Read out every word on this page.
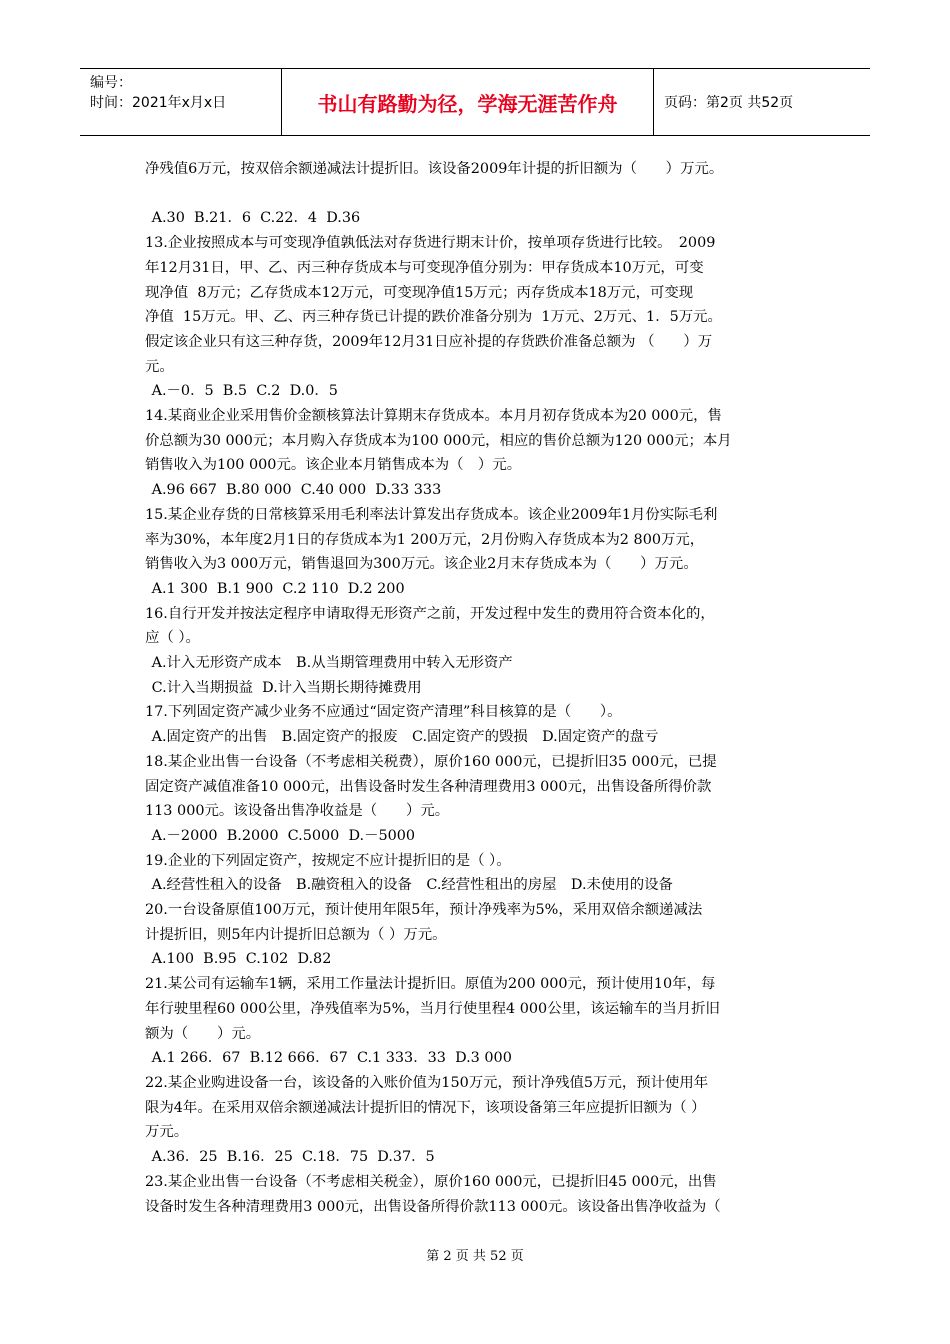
编号：
时间：2021年x月x日	书山有路勤为径，学海无涯苦作舟	页码：第2页 共52页

净残值6万元，按双倍余额递减法计提折旧。该设备2009年计提的折旧额为（　　）万元。

A.30  B.21．6  C.22．4  D.36

13.企业按照成本与可变现净值孰低法对存货进行期末计价，按单项存货进行比较。　2009

年12月31日，甲、乙、丙三种存货成本与可变现净值分别为：甲存货成本10万元，可变

现净值  8万元；乙存货成本12万元，可变现净值15万元；丙存货成本18万元，可变现

净值  15万元。甲、乙、丙三种存货已计提的跌价准备分别为  1万元、2万元、1．5万元。

假定该企业只有这三种存货，2009年12月31日应补提的存货跌价准备总额为 （　　）万

元。

A.－0．5  B.5  C.2  D.0．5

14.某商业企业采用售价金额核算法计算期末存货成本。本月月初存货成本为20 000元，售

价总额为30 000元；本月购入存货成本为100 000元，相应的售价总额为120 000元；本月

销售收入为100 000元。该企业本月销售成本为（　）元。

A.96 667  B.80 000  C.40 000  D.33 333

15.某企业存货的日常核算采用毛利率法计算发出存货成本。该企业2009年1月份实际毛利

率为30%，本年度2月1日的存货成本为1 200万元，2月份购入存货成本为2 800万元，

销售收入为3 000万元，销售退回为300万元。该企业2月末存货成本为（　　）万元。

A.1 300  B.1 900  C.2 110  D.2 200

16.自行开发并按法定程序申请取得无形资产之前，开发过程中发生的费用符合资本化的，

应（ ）。

A.计入无形资产成本　B.从当期管理费用中转入无形资产

C.计入当期损益  D.计入当期长期待摊费用

17.下列固定资产减少业务不应通过“固定资产清理”科目核算的是（　　）。

A.固定资产的出售　B.固定资产的报废　C.固定资产的毁损　D.固定资产的盘亏

18.某企业出售一台设备（不考虑相关税费），原价160 000元，已提折旧35 000元，已提

固定资产减值准备10 000元，出售设备时发生各种清理费用3 000元，出售设备所得价款

113 000元。该设备出售净收益是（　　）元。

A.－2000  B.2000  C.5000  D.－5000

19.企业的下列固定资产，按规定不应计提折旧的是（ ）。

A.经营性租入的设备　B.融资租入的设备　C.经营性租出的房屋　D.未使用的设备

20.一台设备原值100万元，预计使用年限5年，预计净残率为5%，采用双倍余额递减法

计提折旧，则5年内计提折旧总额为（ ）万元。

A.100  B.95  C.102  D.82

21.某公司有运输车1辆，采用工作量法计提折旧。原值为200 000元，预计使用10年，每

年行驶里程60 000公里，净残值率为5%，当月行使里程4 000公里，该运输车的当月折旧

额为（　　）元。

A.1 266．67  B.12 666．67  C.1 333．33  D.3 000

22.某企业购进设备一台，该设备的入账价值为150万元，预计净残值5万元，预计使用年

限为4年。在采用双倍余额递减法计提折旧的情况下，该项设备第三年应提折旧额为（ ）

万元。

A.36．25  B.16．25  C.18．75  D.37．5

23.某企业出售一台设备（不考虑相关税金），原价160 000元，已提折旧45 000元，出售

设备时发生各种清理费用3 000元，出售设备所得价款113 000元。该设备出售净收益为（

第 2 页 共 52 页
